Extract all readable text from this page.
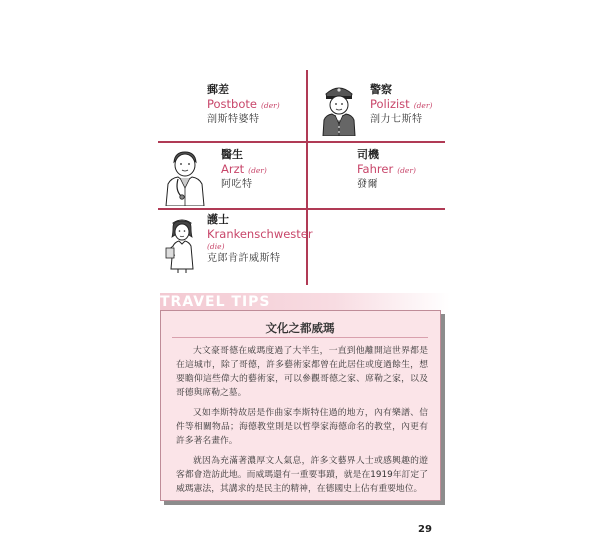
郵差
Postbote (der)
剖斯特婆特
警察
Polizist (der)
剖力七斯特
醫生
Arzt (der)
阿吃特
司機
Fahrer (der)
發爾
護士
Krankenschwester
(die)
克郎肯許威斯特
TRAVEL TIPS
文化之都威瑪

大文豪哥德在威瑪度過了大半生，一直到他離開這世界都是在這城市，除了哥德，許多藝術家都曾在此居住或度過餘生，想要瞻仰這些偉大的藝術家，可以參觀哥德之家、席勒之家，以及哥德與席勒之墓。

又如李斯特故居是作曲家李斯特住過的地方，內有樂譜、信件等相關物品；海德教堂則是以哲學家海德命名的教堂，內更有許多著名畫作。

就因為充滿著濃厚文人氣息，許多文藝界人士或感興趣的遊客都會造訪此地。而威瑪還有一重要事蹟，就是在1919年訂定了威瑪憲法，其講求的是民主的精神，在德國史上佔有重要地位。

29
